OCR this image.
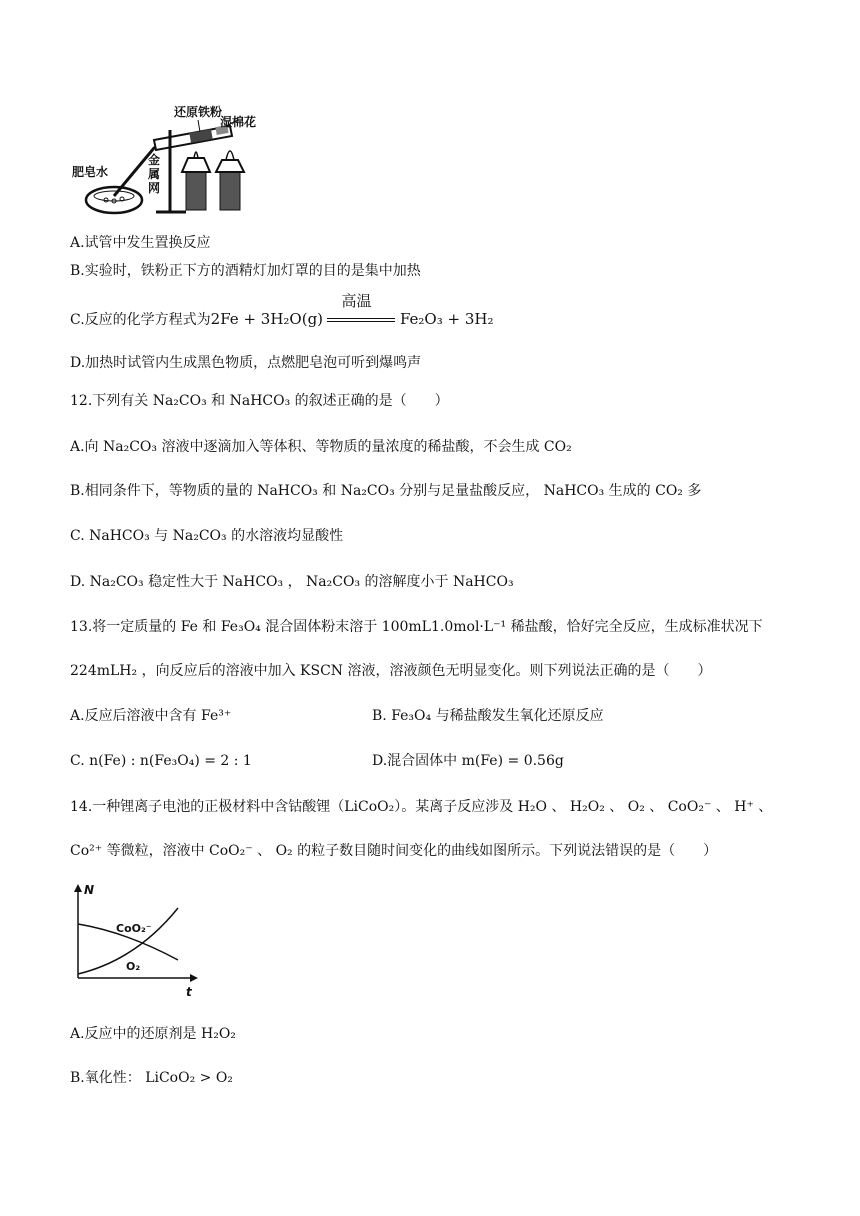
还原铁粉
湿棉花
肥皂水
金
属
网
A.试管中发生置换反应
B.实验时，铁粉正下方的酒精灯加灯罩的目的是集中加热
C.反应的化学方程式为2Fe + 3H₂O(g)
高温
Fe₂O₃ + 3H₂
D.加热时试管内生成黑色物质，点燃肥皂泡可听到爆鸣声
12.下列有关 Na₂CO₃ 和 NaHCO₃ 的叙述正确的是（　　）
A.向 Na₂CO₃ 溶液中逐滴加入等体积、等物质的量浓度的稀盐酸，不会生成 CO₂
B.相同条件下，等物质的量的 NaHCO₃ 和 Na₂CO₃ 分别与足量盐酸反应， NaHCO₃ 生成的 CO₂ 多
C. NaHCO₃ 与 Na₂CO₃ 的水溶液均显酸性
D. Na₂CO₃ 稳定性大于 NaHCO₃ ， Na₂CO₃ 的溶解度小于 NaHCO₃
13.将一定质量的 Fe 和 Fe₃O₄ 混合固体粉末溶于 100mL1.0mol·L⁻¹ 稀盐酸，恰好完全反应，生成标准状况下
224mLH₂ ，向反应后的溶液中加入 KSCN 溶液，溶液颜色无明显变化。则下列说法正确的是（　　）
A.反应后溶液中含有 Fe³⁺	B. Fe₃O₄ 与稀盐酸发生氧化还原反应
C. n(Fe) : n(Fe₃O₄) = 2 : 1	D.混合固体中 m(Fe) = 0.56g
14.一种锂离子电池的正极材料中含钴酸锂（LiCoO₂）。某离子反应涉及 H₂O 、 H₂O₂ 、 O₂ 、 CoO₂⁻ 、 H⁺ 、
Co²⁺ 等微粒，溶液中 CoO₂⁻ 、 O₂ 的粒子数目随时间变化的曲线如图所示。下列说法错误的是（　　）
N
t
CoO₂⁻
O₂
A.反应中的还原剂是 H₂O₂
B.氧化性： LiCoO₂ > O₂
